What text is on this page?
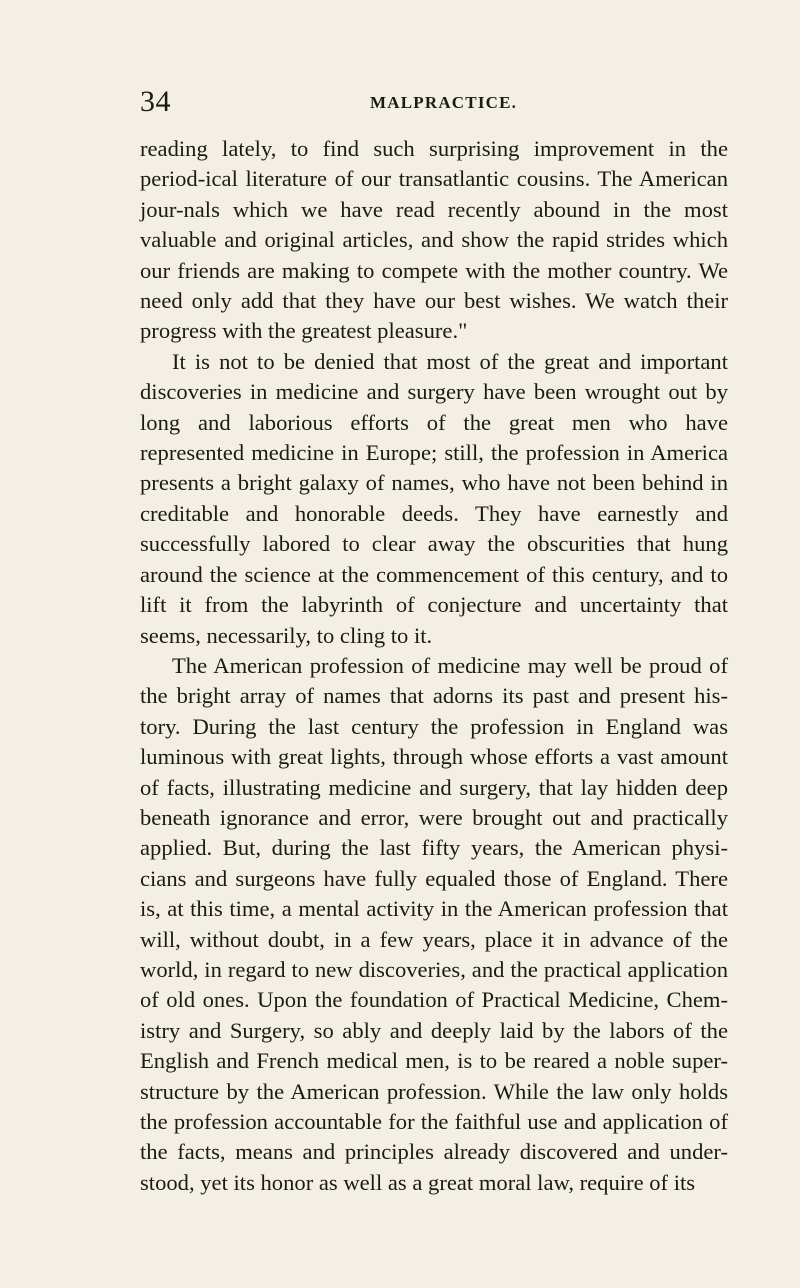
34	MALPRACTICE.

reading lately, to find such surprising improvement in the period-ical literature of our transatlantic cousins. The American jour-nals which we have read recently abound in the most valuable and original articles, and show the rapid strides which our friends are making to compete with the mother country. We need only add that they have our best wishes. We watch their progress with the greatest pleasure."

It is not to be denied that most of the great and important discoveries in medicine and surgery have been wrought out by long and laborious efforts of the great men who have represented medicine in Europe; still, the profession in America presents a bright galaxy of names, who have not been behind in creditable and honorable deeds. They have earnestly and successfully labored to clear away the obscurities that hung around the science at the commencement of this century, and to lift it from the labyrinth of conjecture and uncertainty that seems, necessarily, to cling to it.

The American profession of medicine may well be proud of the bright array of names that adorns its past and present his-tory. During the last century the profession in England was luminous with great lights, through whose efforts a vast amount of facts, illustrating medicine and surgery, that lay hidden deep beneath ignorance and error, were brought out and practically applied. But, during the last fifty years, the American physi-cians and surgeons have fully equaled those of England. There is, at this time, a mental activity in the American profession that will, without doubt, in a few years, place it in advance of the world, in regard to new discoveries, and the practical application of old ones. Upon the foundation of Practical Medicine, Chem-istry and Surgery, so ably and deeply laid by the labors of the English and French medical men, is to be reared a noble super-structure by the American profession. While the law only holds the profession accountable for the faithful use and application of the facts, means and principles already discovered and under-stood, yet its honor as well as a great moral law, require of its
